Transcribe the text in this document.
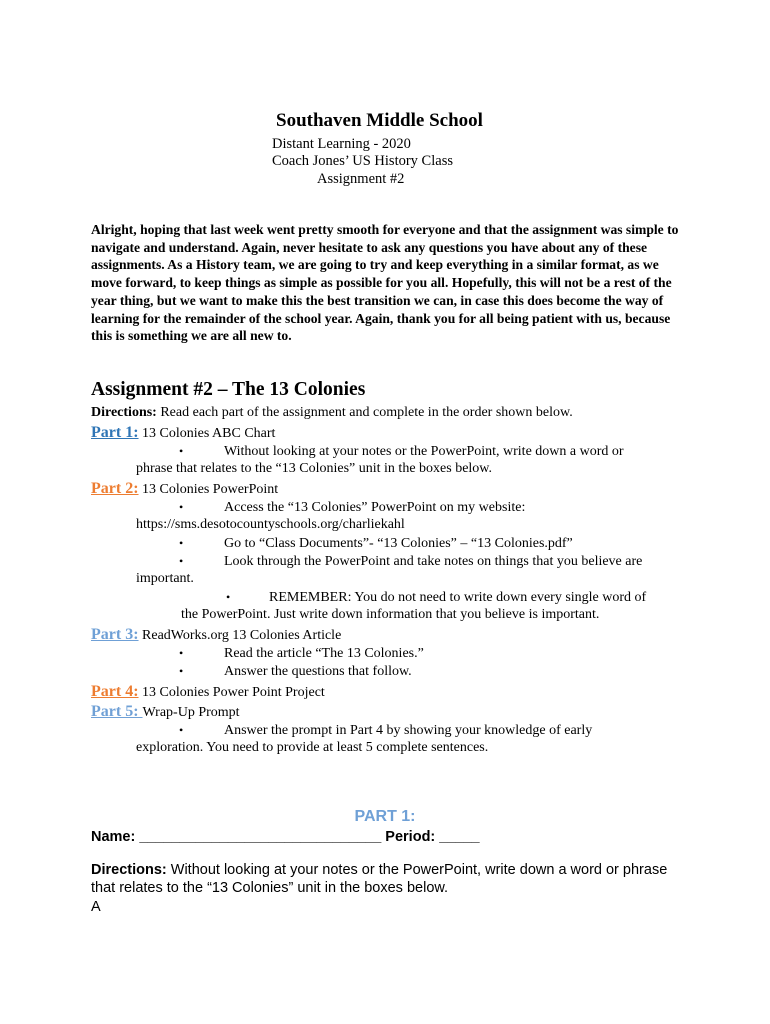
Southaven Middle School
Distant Learning - 2020
Coach Jones’ US History Class
Assignment #2
Alright, hoping that last week went pretty smooth for everyone and that the assignment was simple to navigate and understand. Again, never hesitate to ask any questions you have about any of these assignments. As a History team, we are going to try and keep everything in a similar format, as we move forward, to keep things as simple as possible for you all. Hopefully, this will not be a rest of the year thing, but we want to make this the best transition we can, in case this does become the way of learning for the remainder of the school year. Again, thank you for all being patient with us, because this is something we are all new to.
Assignment #2 – The 13 Colonies
Directions: Read each part of the assignment and complete in the order shown below.
Part 1: 13 Colonies ABC Chart
•	Without looking at your notes or the PowerPoint, write down a word or
phrase that relates to the “13 Colonies” unit in the boxes below.
Part 2: 13 Colonies PowerPoint
•	Access the “13 Colonies” PowerPoint on my website:
https://sms.desotocountyschools.org/charliekahl
•	Go to “Class Documents”- “13 Colonies” – “13 Colonies.pdf”
•	Look through the PowerPoint and take notes on things that you believe are
important.
•	REMEMBER: You do not need to write down every single word of
the PowerPoint. Just write down information that you believe is important.
Part 3: ReadWorks.org 13 Colonies Article
•	Read the article “The 13 Colonies.”
•	Answer the questions that follow.
Part 4: 13 Colonies Power Point Project
Part 5: Wrap-Up Prompt
•	Answer the prompt in Part 4 by showing your knowledge of early
exploration. You need to provide at least 5 complete sentences.
PART 1:
Name: ______________________________ Period: _____
Directions: Without looking at your notes or the PowerPoint, write down a word or phrase that relates to the “13 Colonies” unit in the boxes below.
A
